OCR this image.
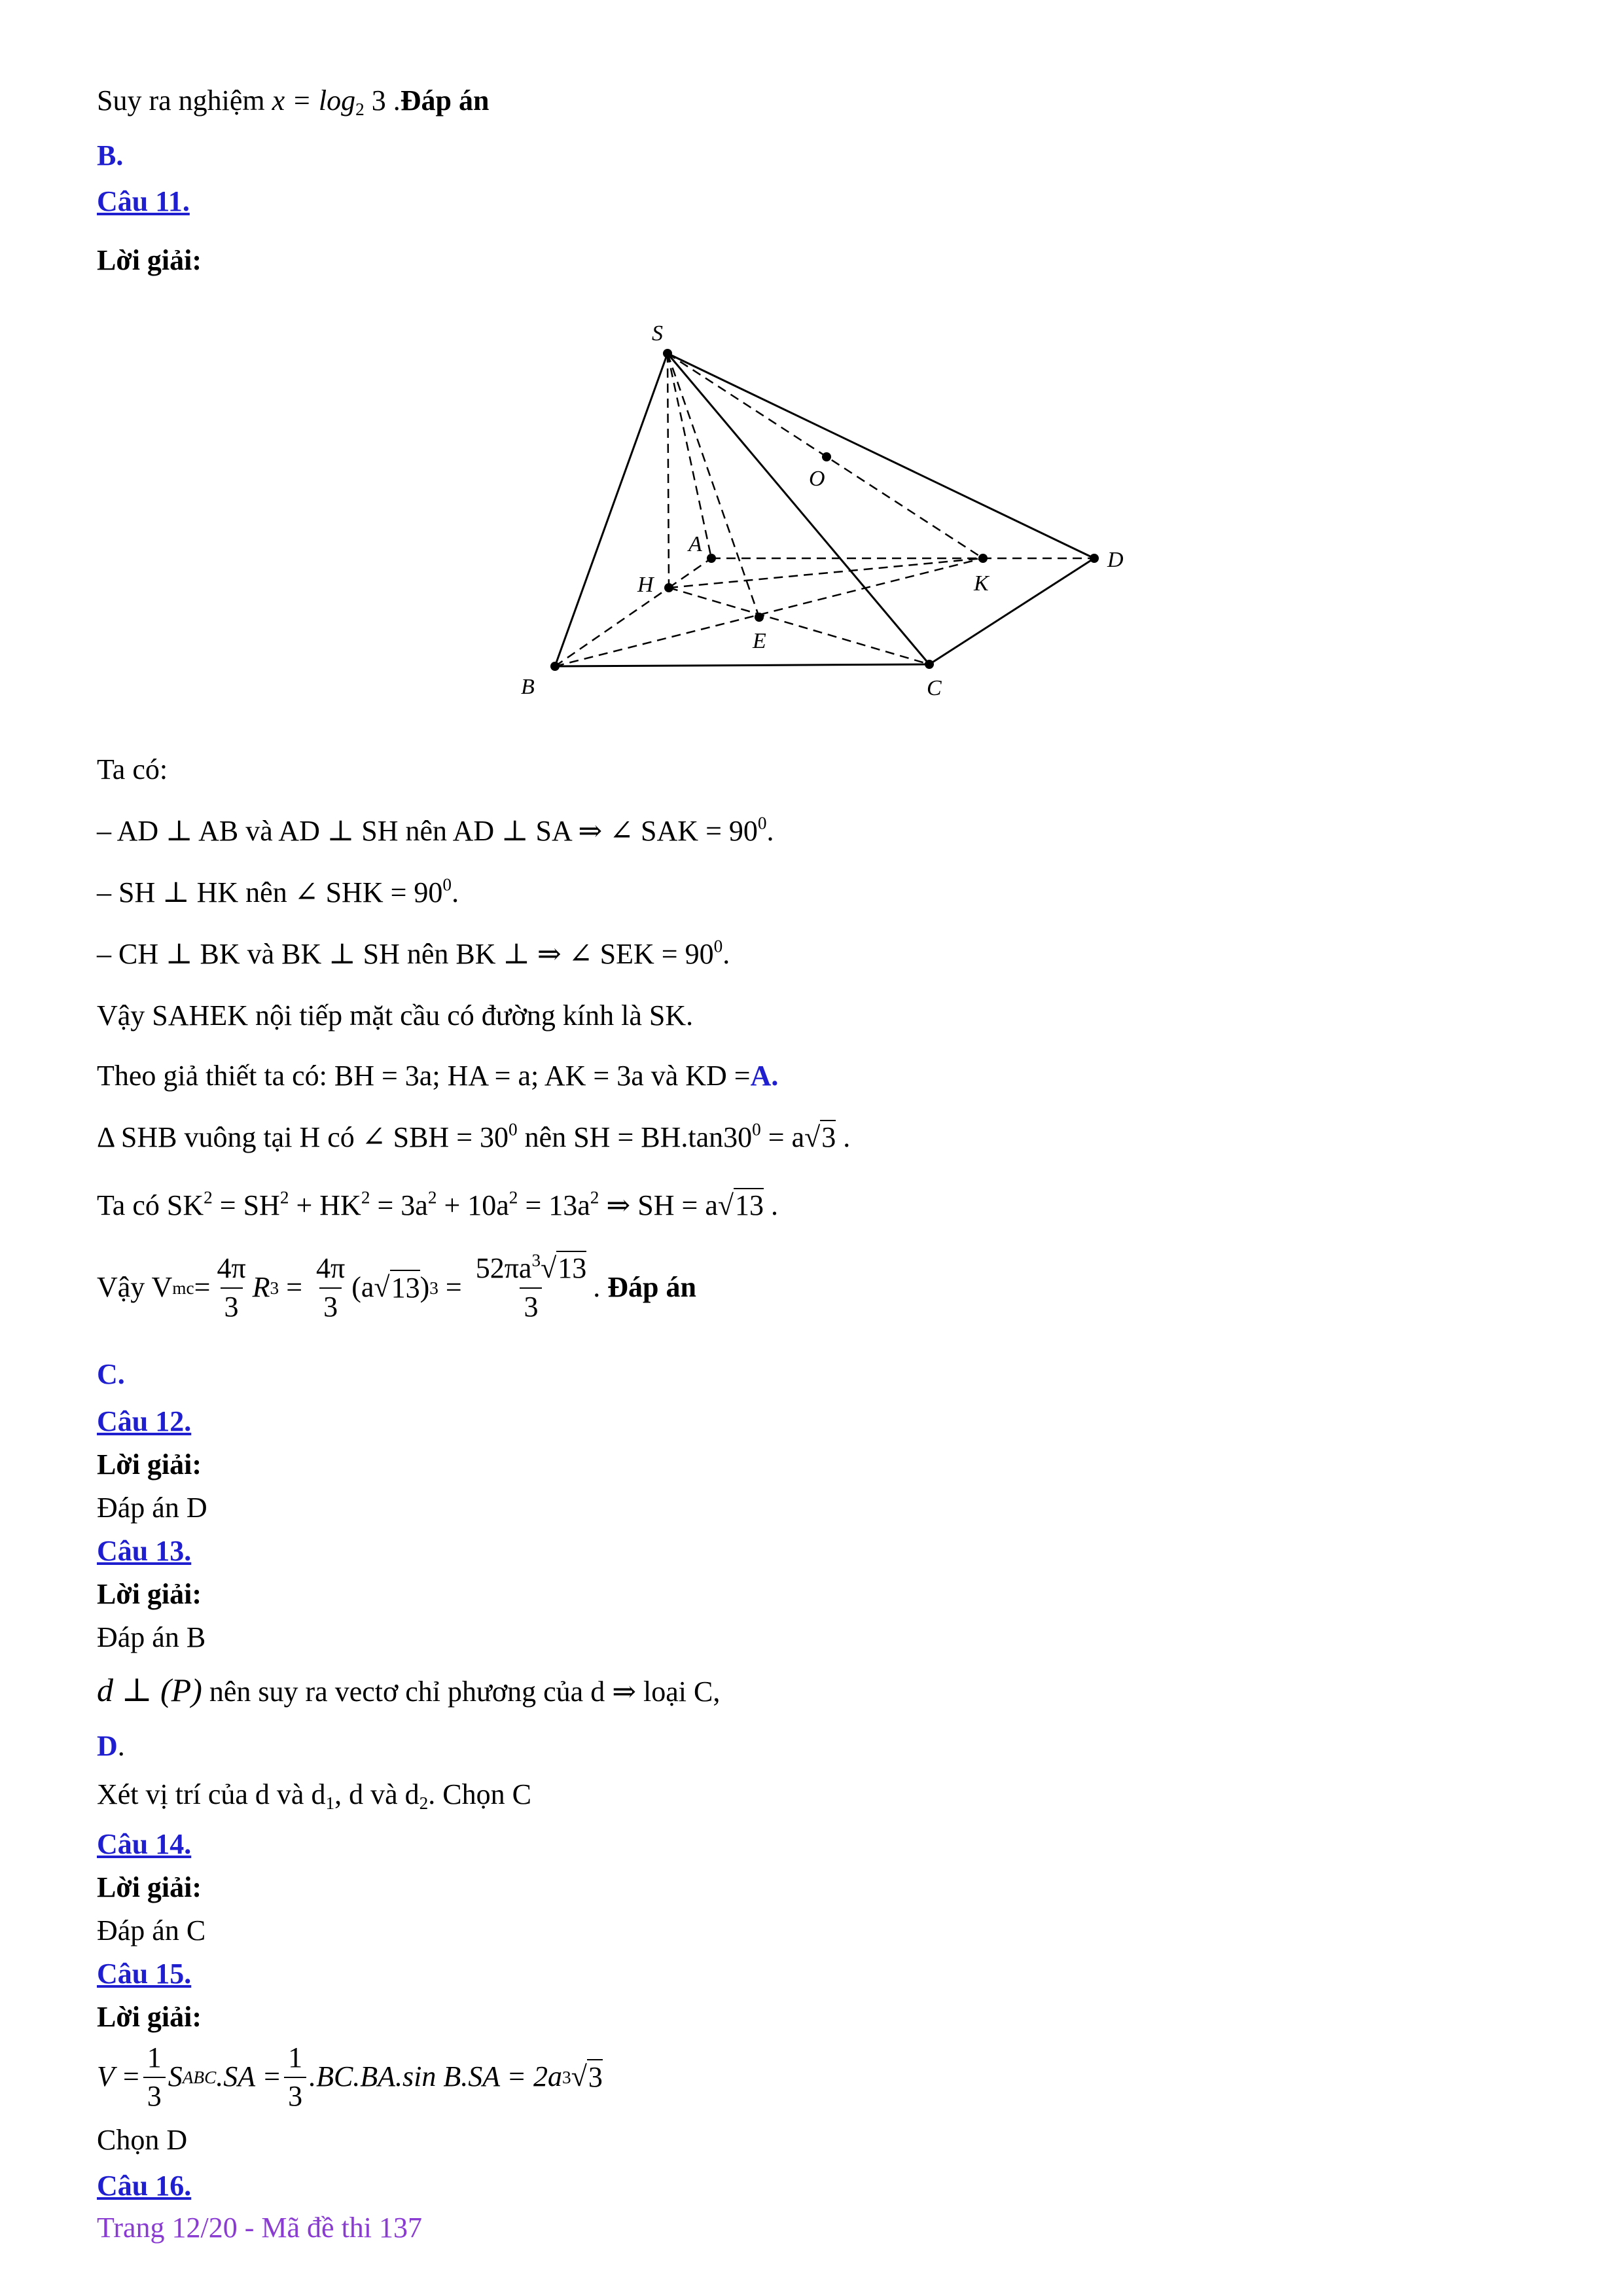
Suy ra nghiệm $x = \log_2 3$ .Đáp án
B.
Câu 11.
Lời giải:
S
O
A
D
H	K
E
B	C
Ta có:
– AD ⊥ AB và AD ⊥ SH nên AD ⊥ SA ⇒ ∠ SAK = $90^0$.
– SH ⊥ HK nên ∠ SHK = $90^0$.
– CH ⊥ BK và BK ⊥ SH nên BK ⊥ ⇒ ∠ SEK = $90^0$.
Vậy SAHEK nội tiếp mặt cầu có đường kính là SK.
Theo giả thiết ta có: BH = 3a; HA = a; AK = 3a và KD =A.
Δ SHB vuông tại H có ∠ SBH = $30^0$ nên SH = $BH.\tan 30^0 = a√3$ .
Ta có $SK^2 = SH^2 + HK^2 = 3a^2 + 10a^2 = 13a^2$ ⇒ SH = a√13 .
Vậy V mc = $\frac{4\pi}{3}$ R $3 = \frac{4\pi}{3} (a$ √ 13 ) $3 = \frac{52\pi a^3√13}{3}$ . Đáp án
C.
Câu 12.
Lời giải:
Đáp án D
Câu 13.
Lời giải:
Đáp án B
d ⊥ (P) nên suy ra vectơ chỉ phương của d ⇒ loại C,
D.
Xét vị trí của d và $d_1$, d và $d_2$. Chọn C
Câu 14.
Lời giải:
Đáp án C
Câu 15.
Lời giải:
$V = \frac{1}{3}$ S ABC $.SA = \frac{1}{3} .BC.BA.\sin$ B.SA = 2a 3 √ 3
Chọn D
Câu 16.
Trang 12/20 - Mã đề thi 137
